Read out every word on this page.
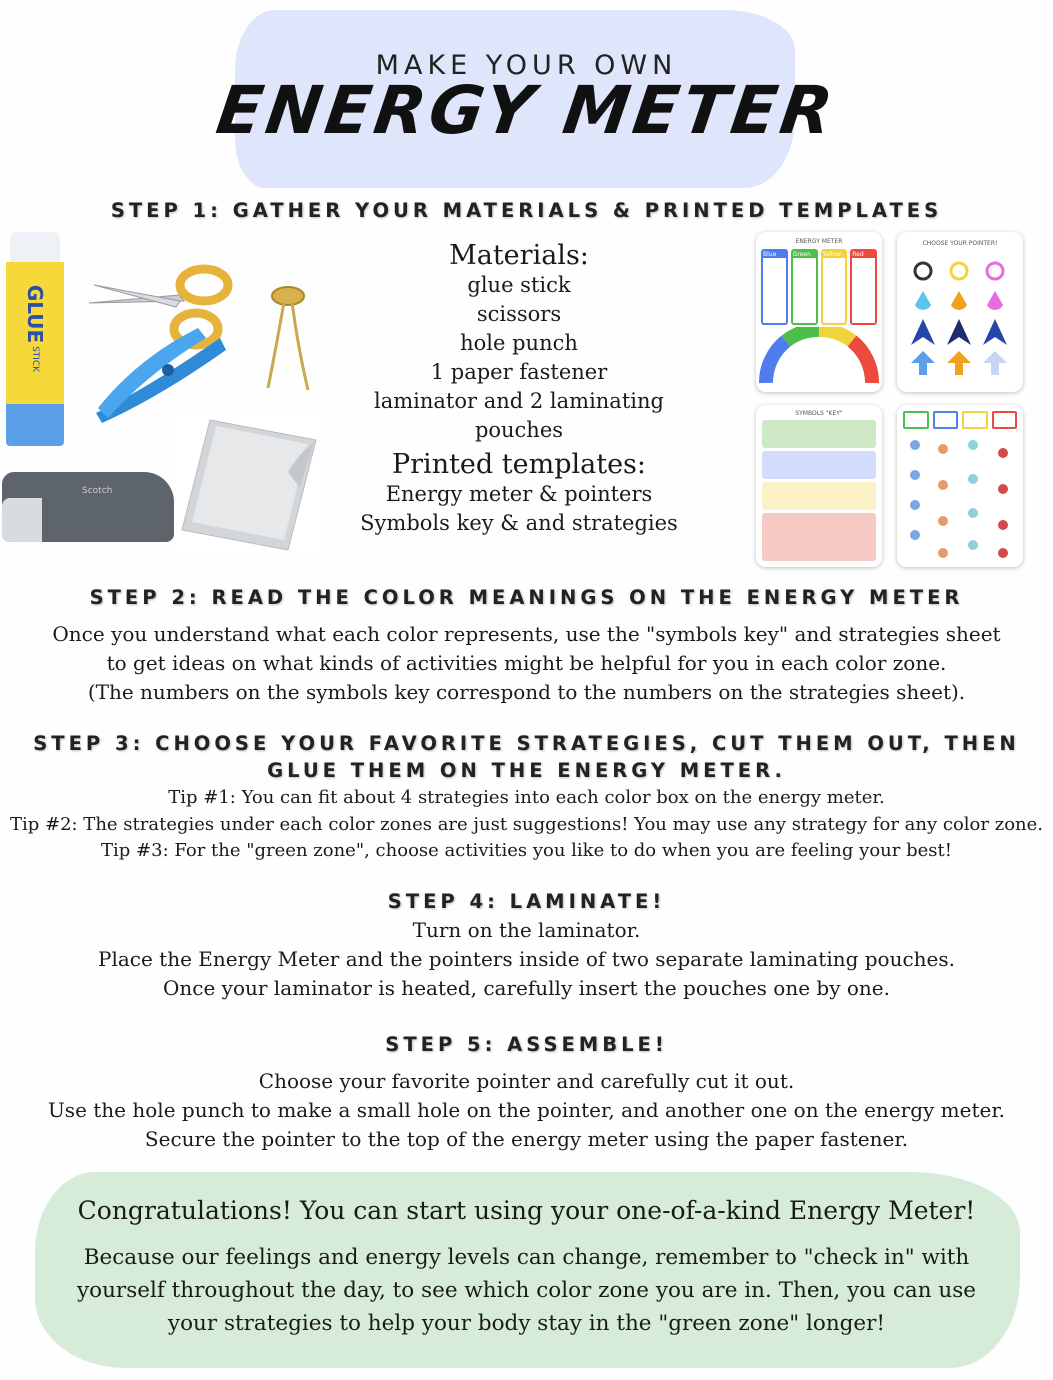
MAKE YOUR OWN
ENERGY METER
STEP 1: GATHER YOUR MATERIALS & PRINTED TEMPLATES
GLUE
STICK
Scotch
Materials:
glue stick
scissors
hole punch
1 paper fastener
laminator and 2 laminating pouches
Printed templates:
Energy meter & pointers
Symbols key & and strategies
ENERGY METER
Blue	Green	Yellow	Red
CHOOSE YOUR POINTER!
SYMBOLS "KEY"
STEP 2: READ THE COLOR MEANINGS ON THE ENERGY METER
Once you understand what each color represents, use the "symbols key" and strategies sheet
to get ideas on what kinds of activities might be helpful for you in each color zone.
(The numbers on the symbols key correspond to the numbers on the strategies sheet).
STEP 3: CHOOSE YOUR FAVORITE STRATEGIES, CUT THEM OUT, THEN
GLUE THEM ON THE ENERGY METER.
Tip #1: You can fit about 4 strategies into each color box on the energy meter.
Tip #2: The strategies under each color zones are just suggestions! You may use any strategy for any color zone.
Tip #3: For the "green zone", choose activities you like to do when you are feeling your best!
STEP 4: LAMINATE!
Turn on the laminator.
Place the Energy Meter and the pointers inside of two separate laminating pouches.
Once your laminator is heated, carefully insert the pouches one by one.
STEP 5: ASSEMBLE!
Choose your favorite pointer and carefully cut it out.
Use the hole punch to make a small hole on the pointer, and another one on the energy meter.
Secure the pointer to the top of the energy meter using the paper fastener.
Congratulations! You can start using your one-of-a-kind Energy Meter!
Because our feelings and energy levels can change, remember to "check in" with
yourself throughout the day, to see which color zone you are in. Then, you can use
your strategies to help your body stay in the "green zone" longer!
